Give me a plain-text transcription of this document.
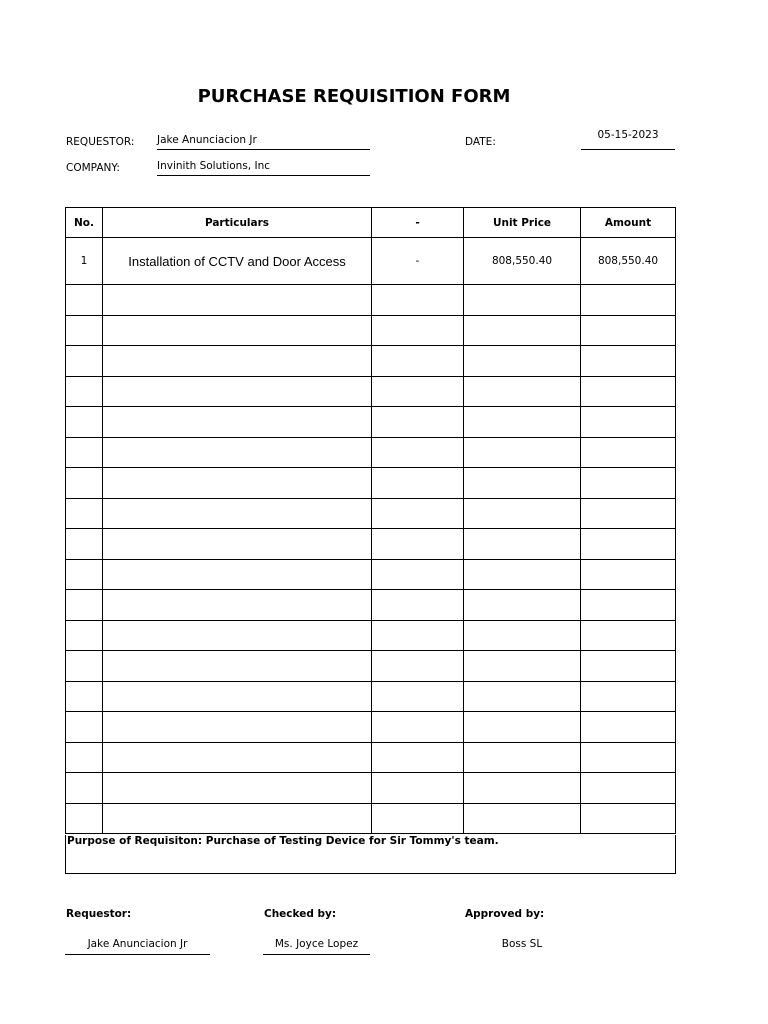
PURCHASE REQUISITION FORM
REQUESTOR: Jake Anunciacion Jr
COMPANY:	Invinith Solutions, Inc
DATE:
05-15-2023
No.	Particulars	-	Unit Price	Amount
1	Installation of CCTV and Door Access	-	808,550.40	808,550.40

Purpose of Requisiton: Purchase of Testing Device for Sir Tommy's team.
Requestor:	Checked by:	Approved by:
Jake Anunciacion Jr	Ms. Joyce Lopez	Boss SL
